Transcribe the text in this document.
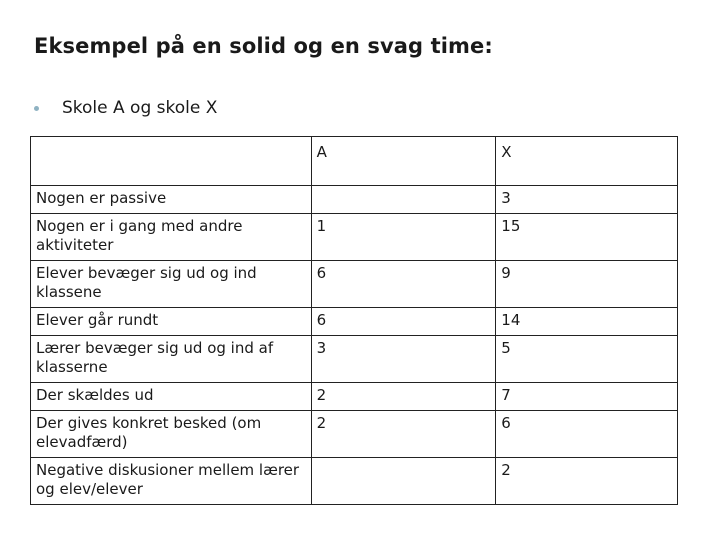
Eksempel på en solid og en svag time:
Skole A og skole X
	A	X
Nogen er passive		3
Nogen er i gang med andre aktiviteter	1	15
Elever bevæger sig ud og ind klassene	6	9
Elever går rundt	6	14
Lærer bevæger sig ud og ind af klasserne	3	5
Der skældes ud	2	7
Der gives konkret besked (om elevadfærd)	2	6
Negative diskusioner mellem lærer og elev/elever		2
